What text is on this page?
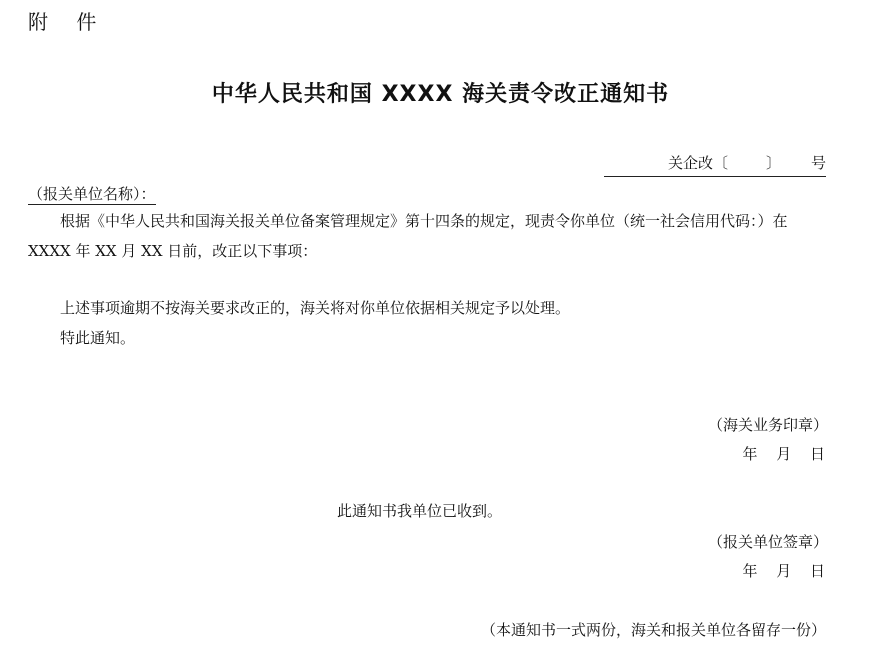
附 件
中华人民共和国 XXXX 海关责令改正通知书
关企改〔	〕 号
（报关单位名称）：
根据《中华人民共和国海关报关单位备案管理规定》第十四条的规定，现责令你单位（统一社会信用代码：）在 XXXX 年 XX 月 XX 日前，改正以下事项：
上述事项逾期不按海关要求改正的，海关将对你单位依据相关规定予以处理。
特此通知。
（海关业务印章）
年 月 日
此通知书我单位已收到。
（报关单位签章）
年 月 日
（本通知书一式两份，海关和报关单位各留存一份）
